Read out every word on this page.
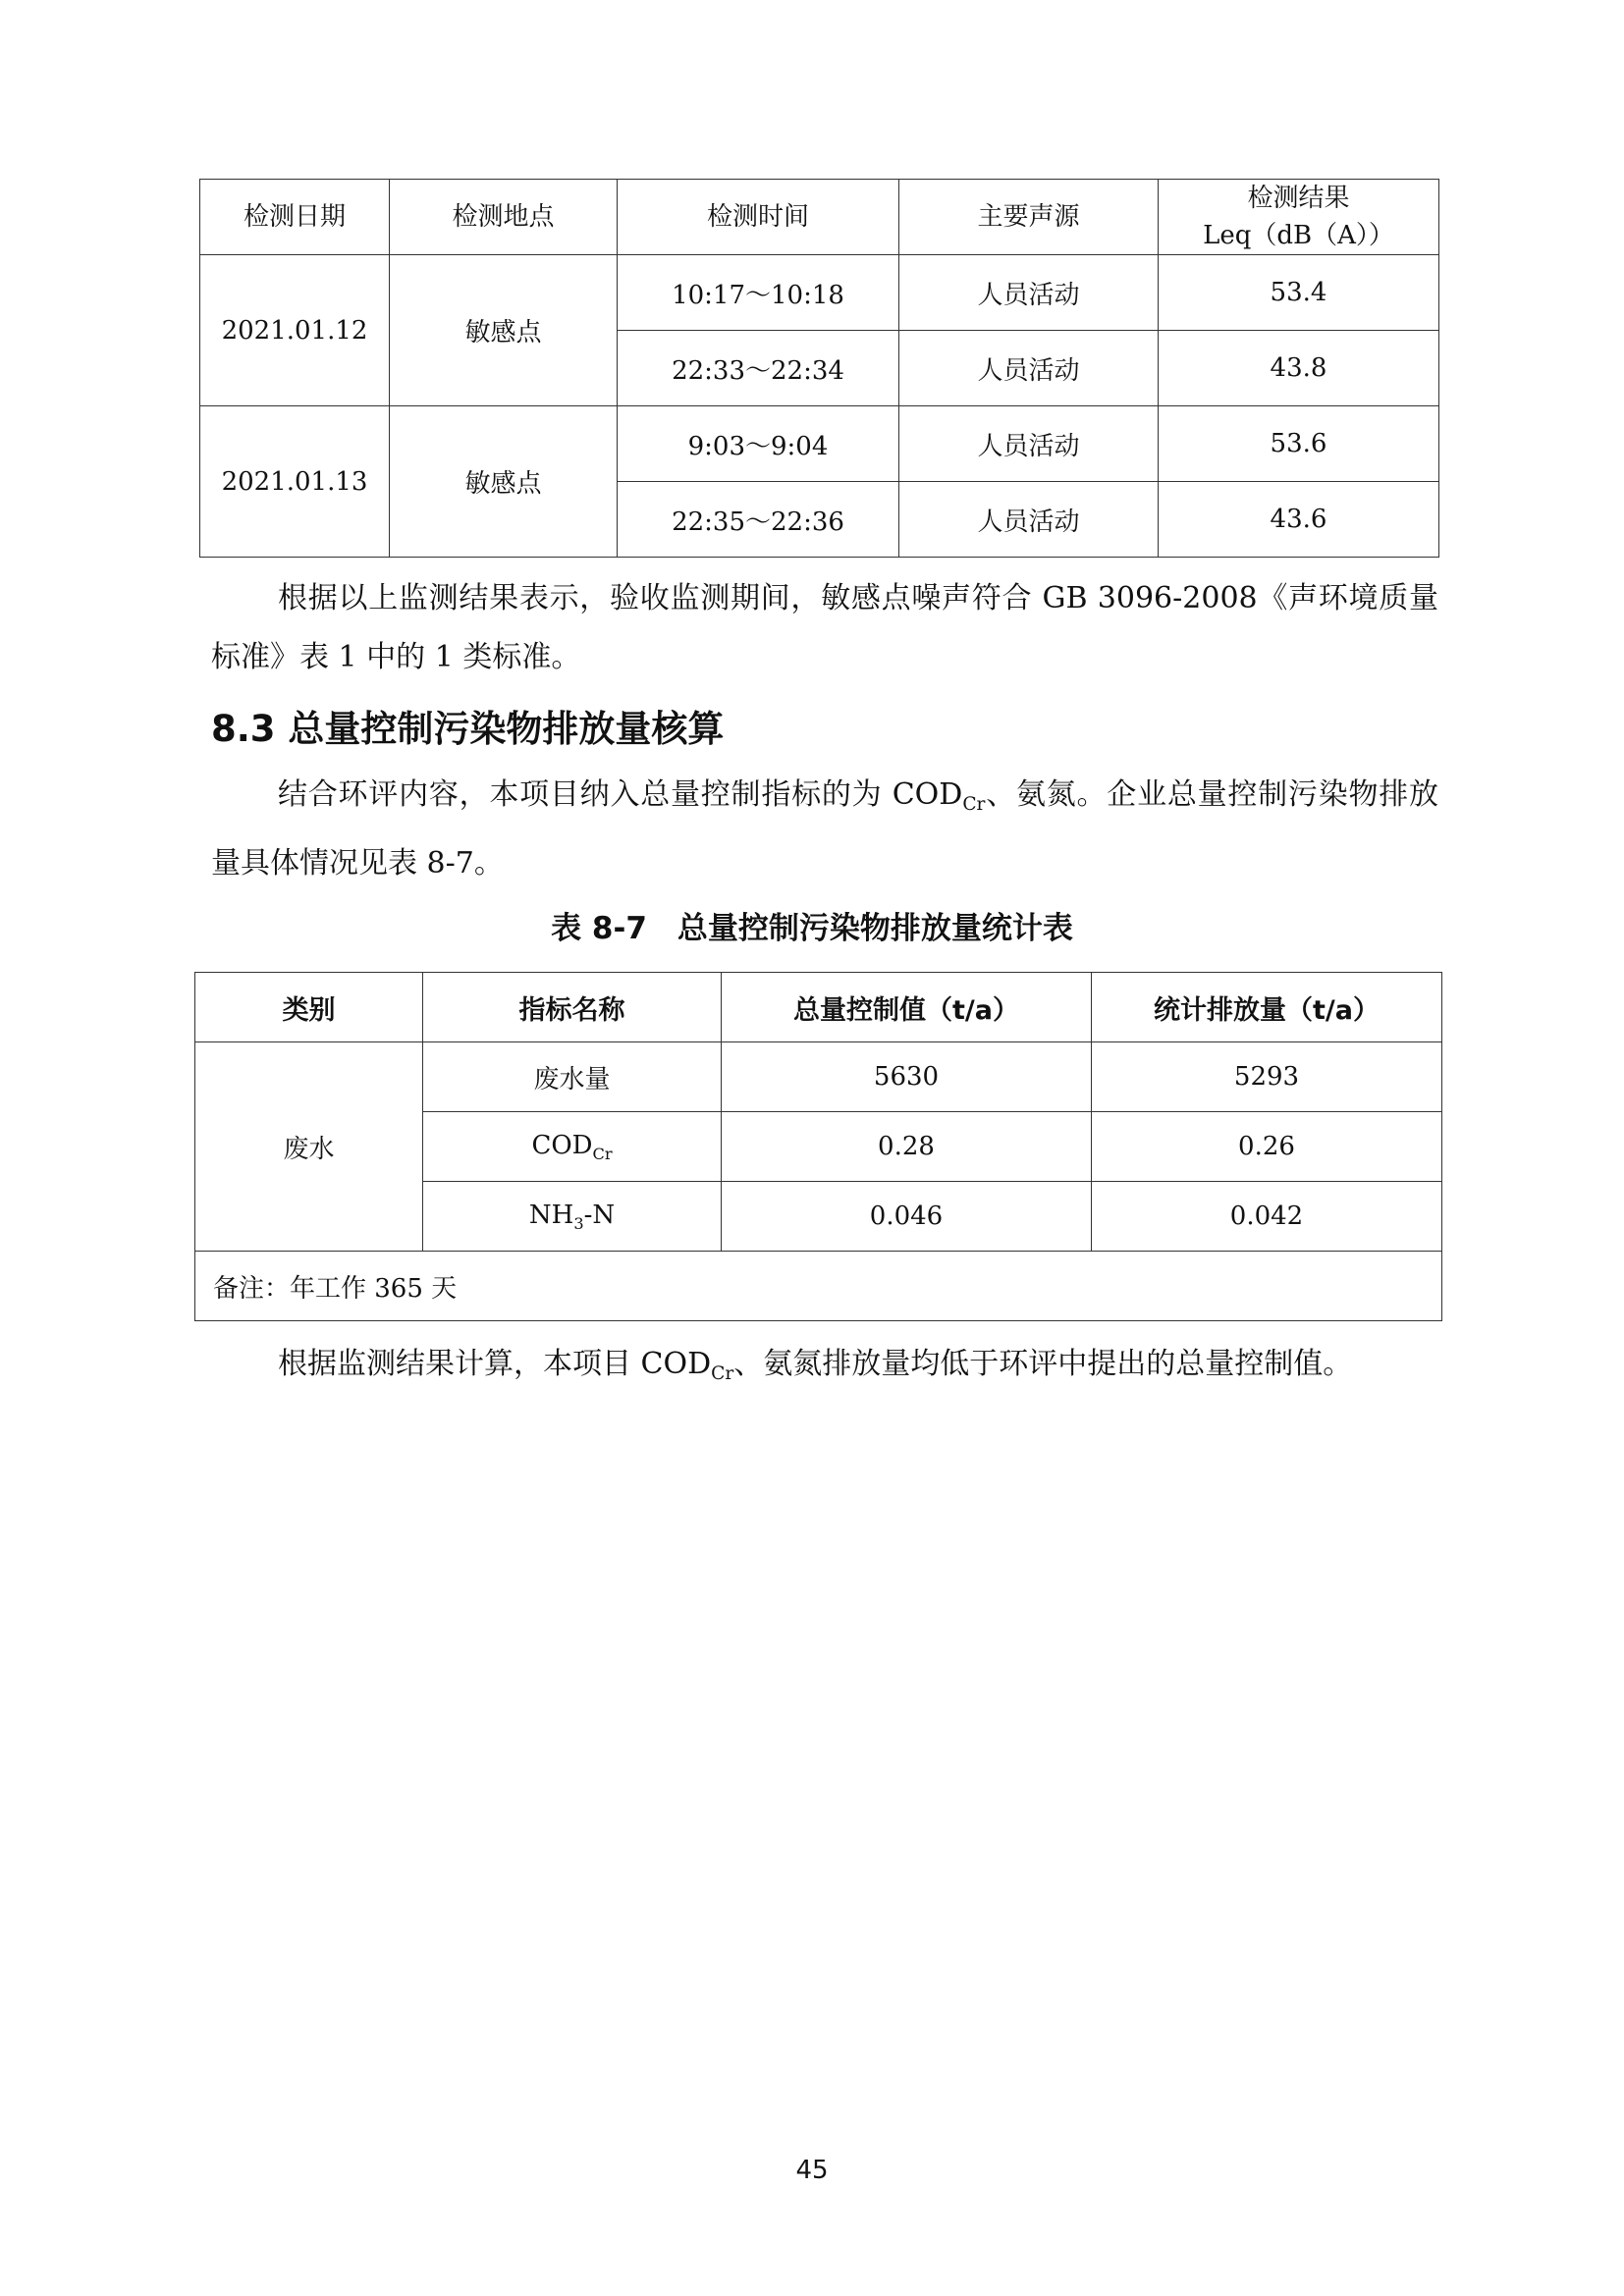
检测日期	检测地点	检测时间	主要声源	检测结果
Leq（dB（A））

2021.01.12	敏感点	10:17～10:18	人员活动	53.4
		22:33～22:34	人员活动	43.8
2021.01.13	敏感点	9:03～9:04	人员活动	53.6
		22:35～22:36	人员活动	43.6

根据以上监测结果表示，验收监测期间，敏感点噪声符合 GB 3096-2008《声环境质量标准》表 1 中的 1 类标准。

8.3 总量控制污染物排放量核算

结合环评内容，本项目纳入总量控制指标的为 $COD_{Cr}$、氨氮。企业总量控制污染物排放量具体情况见表 8-7。

表 8-7　总量控制污染物排放量统计表

类别	指标名称	总量控制值（t/a）	统计排放量（t/a）
废水	废水量	5630	5293
	$COD_{Cr}$	0.28	0.26
	$NH_3-N$	0.046	0.042
备注：年工作 365 天			

根据监测结果计算，本项目 $COD_{Cr}$、氨氮排放量均低于环评中提出的总量控制值。

45
